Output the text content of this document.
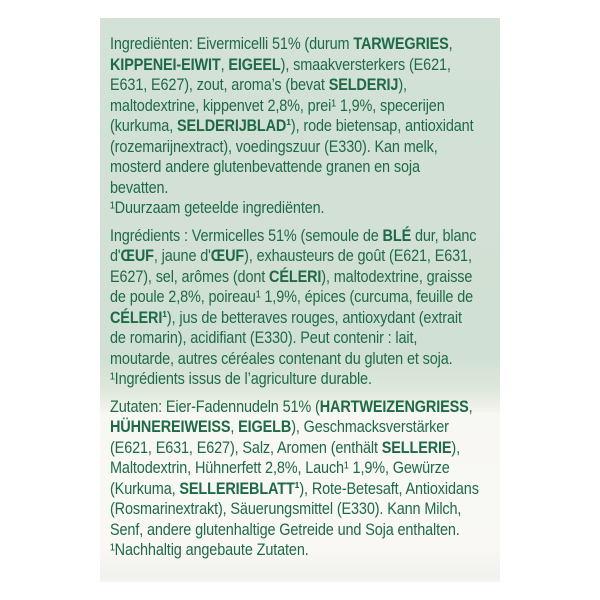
Ingrediënten: Eivermicelli 51% (durum TARWEGRIES,
KIPPENEI-EIWIT, EIGEEL), smaakversterkers (E621,
E631, E627), zout, aroma’s (bevat SELDERIJ),
maltodextrine, kippenvet 2,8%, prei¹ 1,9%, specerijen
(kurkuma, SELDERIJBLAD¹), rode bietensap, antioxidant
(rozemarijnextract), voedingszuur (E330). Kan melk,
mosterd andere glutenbevattende granen en soja
bevatten.
¹Duurzaam geteelde ingrediënten.
Ingrédients : Vermicelles 51% (semoule de BLÉ dur, blanc
d'ŒUF, jaune d'ŒUF), exhausteurs de goût (E621, E631,
E627), sel, arômes (dont CÉLERI), maltodextrine, graisse
de poule 2,8%, poireau¹ 1,9%, épices (curcuma, feuille de
CÉLERI¹), jus de betteraves rouges, antioxydant (extrait
de romarin), acidifiant (E330). Peut contenir : lait,
moutarde, autres céréales contenant du gluten et soja.
¹Ingrédients issus de l’agriculture durable.
Zutaten: Eier-Fadennudeln 51% (HARTWEIZENGRIESS,
HÜHNEREIWEISS, EIGELB), Geschmacksverstärker
(E621, E631, E627), Salz, Aromen (enthält SELLERIE),
Maltodextrin, Hühnerfett 2,8%, Lauch¹ 1,9%, Gewürze
(Kurkuma, SELLERIEBLATT¹), Rote-Betesaft, Antioxidans
(Rosmarinextrakt), Säuerungsmittel (E330). Kann Milch,
Senf, andere glutenhaltige Getreide und Soja enthalten.
¹Nachhaltig angebaute Zutaten.
